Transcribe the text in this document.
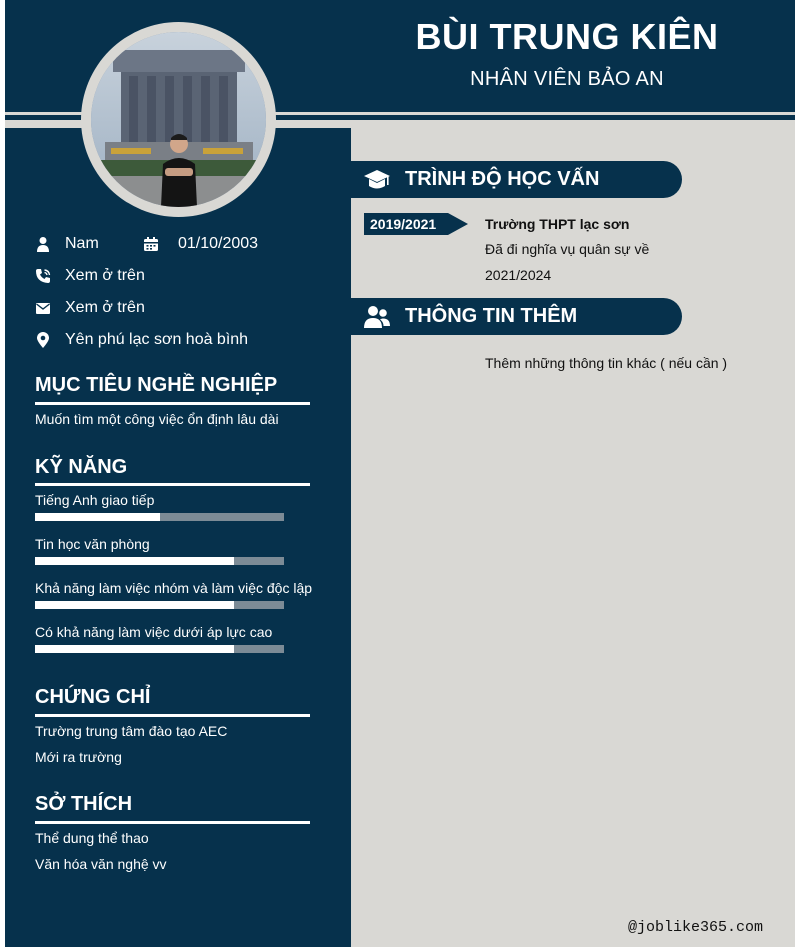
BÙI TRUNG KIÊN
NHÂN VIÊN BẢO AN
Nam	01/10/2003
Xem ở trên
Xem ở trên
Yên phú lạc sơn hoà bình
MỤC TIÊU NGHỀ NGHIỆP
Muốn tìm một công việc ổn định lâu dài
KỸ NĂNG
Tiếng Anh giao tiếp
Tin học văn phòng
Khả năng làm việc nhóm và làm việc độc lập
Có khả năng làm việc dưới áp lực cao
CHỨNG CHỈ
Trường trung tâm đào tạo AEC
Mới ra trường
SỞ THÍCH
Thể dung thể thao
Văn hóa văn nghệ vv
TRÌNH ĐỘ HỌC VẤN
2019/2021	Trường THPT lạc sơn
Đã đi nghĩa vụ quân sự về
2021/2024
THÔNG TIN THÊM
Thêm những thông tin khác ( nếu cần )
@joblike365.com
